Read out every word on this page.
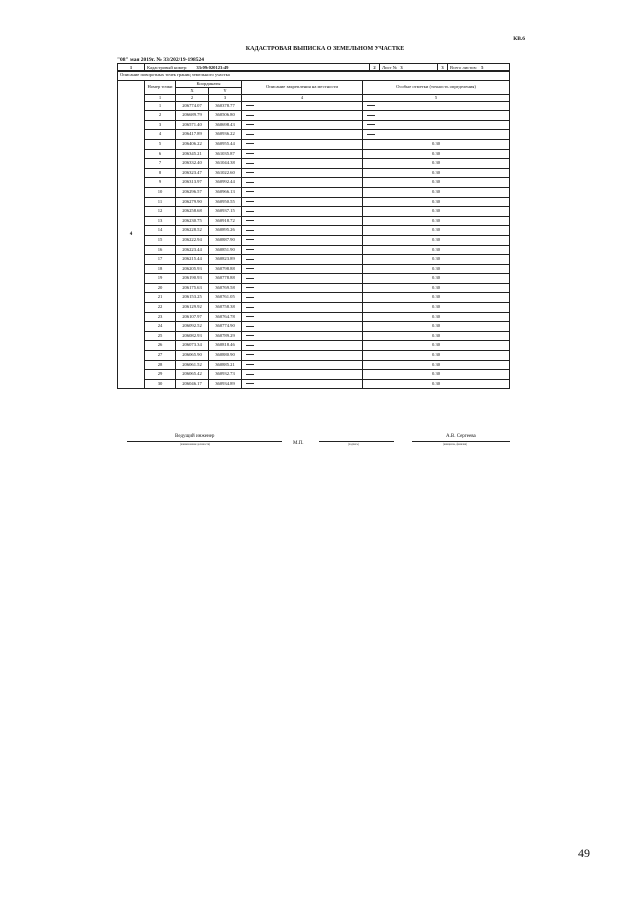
КВ.6
КАДАСТРОВАЯ ВЫПИСКА О ЗЕМЕЛЬНОМ УЧАСТКЕ
"08" мая 2019г. № 33/202/19-198524
1	Кадастровый номер: 33:09:020123:49	2	Лист № 3	3	Всего листов: 5
Описание поворотных точек границ земельного участка					
4	Номер точки	Координаты		Описание закрепления на местности	Особые отметки (точность определения)
		X	Y		
	1	2	3	4	5
	1	206774.07	360378.77		
	2	206689.79	360506.80		
	3	206571.40	360698.43		
	4	206417.89	360936.22		
	5	206406.22	360955.44		0.30
	6	206345.21	361035.87		0.30
	7	206332.40	361044.38		0.30
	8	206323.47	361022.60		0.30
	9	206313.97	360992.44		0.30
	10	206296.57	360966.13		0.30
	11	206279.90	360950.55		0.30
	12	206258.68	360937.15		0.30
	13	206230.75	360918.72		0.30
	14	206228.52	360895.26		0.30
	15	206222.94	360887.90		0.30
	16	206223.44	360851.90		0.30
	17	206215.44	360823.89		0.30
	18	206205.93	360798.88		0.30
	19	206190.93	360778.88		0.30
	20	206175.63	360769.58		0.30
	21	206153.25	360761.05		0.30
	22	206129.92	360758.38		0.30
	23	206107.97	360764.78		0.30
	24	206092.52	360774.90		0.30
	25	206082.93	360789.29		0.30
	26	206073.34	360818.46		0.30
	27	206065.90	360880.90		0.30
	28	206061.52	360885.21		0.30
	29	206065.42	360932.73		0.30
	30	206046.17	360934.89		0.30
Ведущий инженер
(наименование должности)	М.П.	(подпись)
А.В. Сергеева
(инициалы, фамилия)
49
